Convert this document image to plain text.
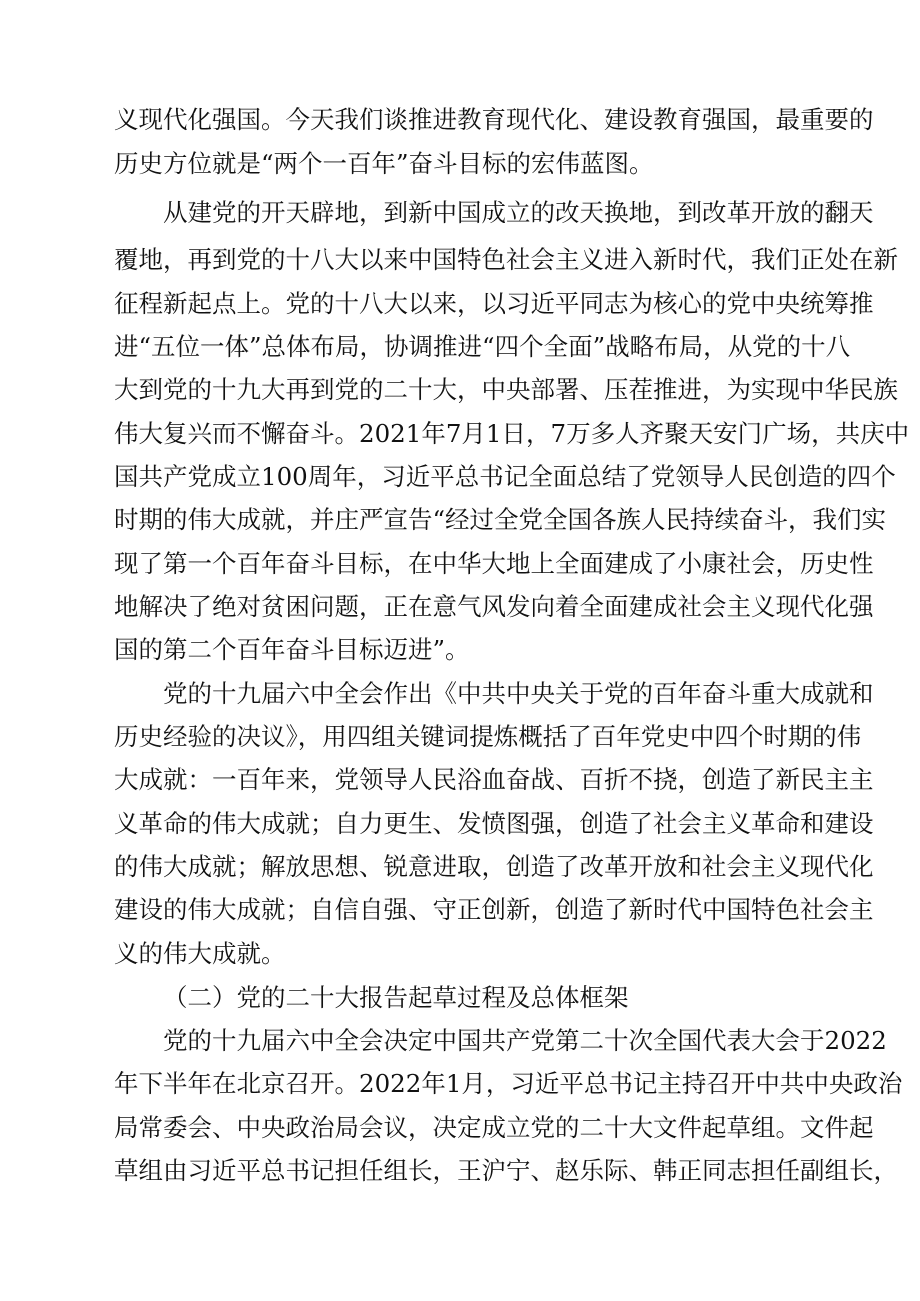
义现代化强国。今天我们谈推进教育现代化、建设教育强国，最重要的

历史方位就是“两个一百年”奋斗目标的宏伟蓝图。

从建党的开天辟地，到新中国成立的改天换地，到改革开放的翻天

覆地，再到党的十八大以来中国特色社会主义进入新时代，我们正处在新

征程新起点上。党的十八大以来，以习近平同志为核心的党中央统筹推

进“五位一体”总体布局，协调推进“四个全面”战略布局，从党的十八

大到党的十九大再到党的二十大，中央部署、压茬推进，为实现中华民族

伟大复兴而不懈奋斗。2021年7月1日，7万多人齐聚天安门广场，共庆中

国共产党成立100周年，习近平总书记全面总结了党领导人民创造的四个

时期的伟大成就，并庄严宣告“经过全党全国各族人民持续奋斗，我们实

现了第一个百年奋斗目标，在中华大地上全面建成了小康社会，历史性

地解决了绝对贫困问题，正在意气风发向着全面建成社会主义现代化强

国的第二个百年奋斗目标迈进”。

党的十九届六中全会作出《中共中央关于党的百年奋斗重大成就和

历史经验的决议》，用四组关键词提炼概括了百年党史中四个时期的伟

大成就：一百年来，党领导人民浴血奋战、百折不挠，创造了新民主主

义革命的伟大成就；自力更生、发愤图强，创造了社会主义革命和建设

的伟大成就；解放思想、锐意进取，创造了改革开放和社会主义现代化

建设的伟大成就；自信自强、守正创新，创造了新时代中国特色社会主

义的伟大成就。

（二）党的二十大报告起草过程及总体框架

党的十九届六中全会决定中国共产党第二十次全国代表大会于2022

年下半年在北京召开。2022年1月，习近平总书记主持召开中共中央政治

局常委会、中央政治局会议，决定成立党的二十大文件起草组。文件起

草组由习近平总书记担任组长，王沪宁、赵乐际、韩正同志担任副组长，
